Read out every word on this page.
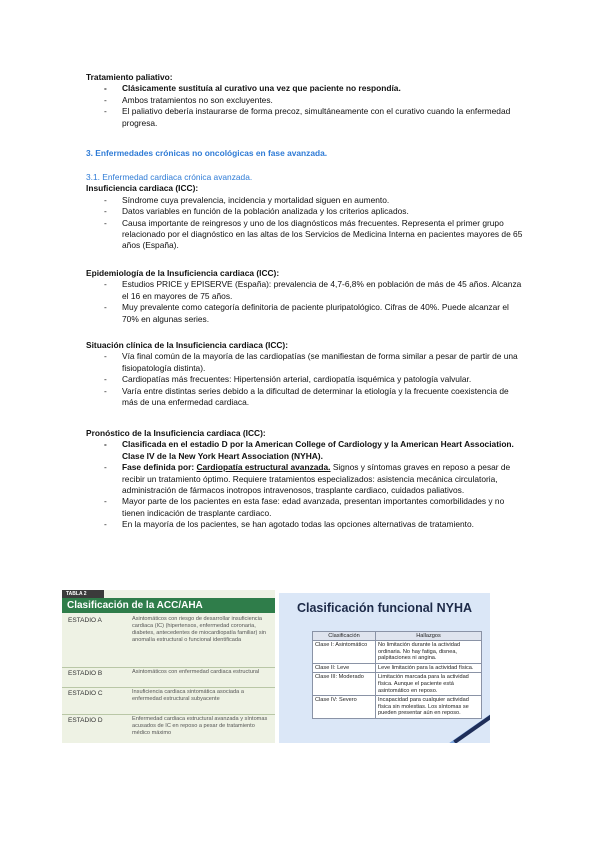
Tratamiento paliativo:
- Clásicamente sustituía al curativo una vez que paciente no respondía.
- Ambos tratamientos no son excluyentes.
- El paliativo debería instaurarse de forma precoz, simultáneamente con el curativo cuando la enfermedad progresa.
3. Enfermedades crónicas no oncológicas en fase avanzada.
3.1. Enfermedad cardiaca crónica avanzada.
Insuficiencia cardiaca (ICC):
- Síndrome cuya prevalencia, incidencia y mortalidad siguen en aumento.
- Datos variables en función de la población analizada y los criterios aplicados.
- Causa importante de reingresos y uno de los diagnósticos más frecuentes. Representa el primer grupo relacionado por el diagnóstico en las altas de los Servicios de Medicina Interna en pacientes mayores de 65 años (España).
Epidemiología de la Insuficiencia cardiaca (ICC):
- Estudios PRICE y EPISERVE (España): prevalencia de 4,7-6,8% en población de más de 45 años. Alcanza el 16 en mayores de 75 años.
- Muy prevalente como categoría definitoria de paciente pluripatológico. Cifras de 40%. Puede alcanzar el 70% en algunas series.
Situación clínica de la Insuficiencia cardiaca (ICC):
- Vía final común de la mayoría de las cardiopatías (se manifiestan de forma similar a pesar de partir de una fisiopatología distinta).
- Cardiopatías más frecuentes: Hipertensión arterial, cardiopatía isquémica y patología valvular.
- Varía entre distintas series debido a la dificultad de determinar la etiología y la frecuente coexistencia de más de una enfermedad cardiaca.
Pronóstico de la Insuficiencia cardiaca (ICC):
- Clasificada en el estadio D por la American College of Cardiology y la American Heart Association. Clase IV de la New York Heart Association (NYHA).
- Fase definida por: Cardiopatía estructural avanzada. Signos y síntomas graves en reposo a pesar de recibir un tratamiento óptimo. Requiere tratamientos especializados: asistencia mecánica circulatoria, administración de fármacos inotropos intravenosos, trasplante cardiaco, cuidados paliativos.
- Mayor parte de los pacientes en esta fase: edad avanzada, presentan importantes comorbilidades y no tienen indicación de trasplante cardiaco.
- En la mayoría de los pacientes, se han agotado todas las opciones alternativas de tratamiento.
TABLA 2
Clasificación de la ACC/AHA
ESTADIO A	Asintomáticos con riesgo de desarrollar insuficiencia cardiaca (IC) (hipertensos, enfermedad coronaria, diabetes, antecedentes de miocardiopatía familiar) sin anomalía estructural o funcional identificada
ESTADIO B	Asintomáticos con enfermedad cardiaca estructural
ESTADIO C	Insuficiencia cardiaca sintomática asociada a enfermedad estructural subyacente
ESTADIO D	Enfermedad cardiaca estructural avanzada y síntomas acusados de IC en reposo a pesar de tratamiento médico máximo
Clasificación funcional NYHA
Clasificación	Hallazgos
Clase I: Asintomático	No limitación durante la actividad ordinaria. No hay fatiga, disnea, palpitaciones ni angina.
Clase II: Leve	Leve limitación para la actividad física.
Clase III: Moderado	Limitación marcada para la actividad física. Aunque el paciente está asintomático en reposo.
Clase IV: Severo	Incapacidad para cualquier actividad física sin molestias. Los síntomas se pueden presentar aún en reposo.
